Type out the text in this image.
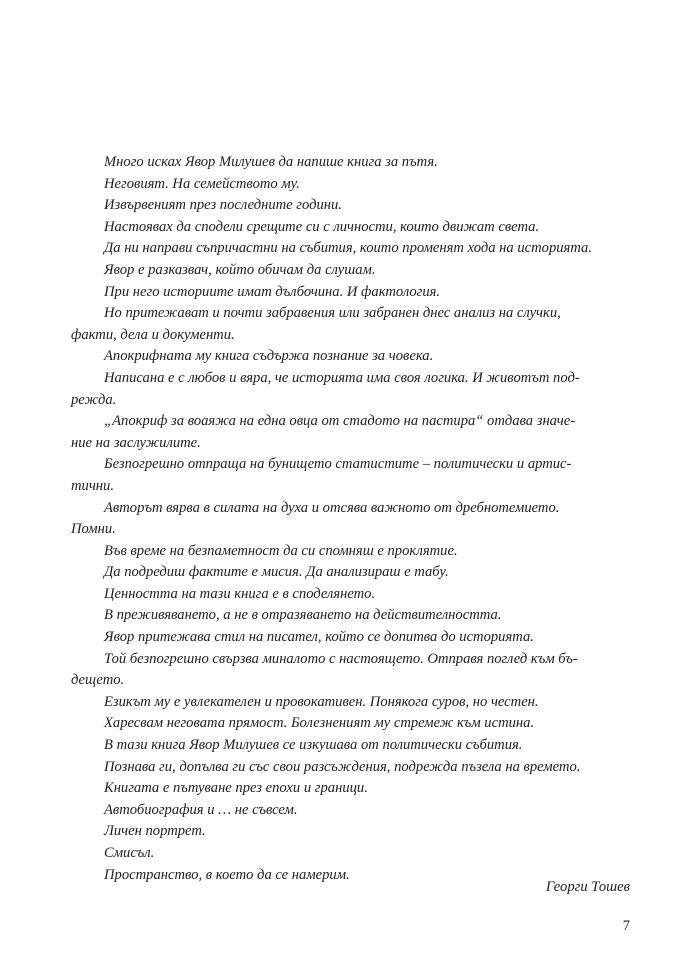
Много исках Явор Милушев да напише книга за пътя.

Неговият. На семейството му.

Извървеният през последните години.

Настоявах да сподели срещите си с личности, които движат света.

Да ни направи съпричастни на събития, които променят хода на историята.

Явор е разказвач, който обичам да слушам.

При него историите имат дълбочина. И фактология.

Но притежават и почти забравения или забранен днес анализ на случки,
факти, дела и документи.

Апокрифната му книга съдържа познание за човека.

Написана е с любов и вяра, че историята има своя логика. И животът под-
режда.

„Апокриф за воаяжа на една овца от стадото на пастира“ отдава значе-
ние на заслужилите.

Безпогрешно отпраща на бунището статистите – политически и артис-
тични.

Авторът вярва в силата на духа и отсява важното от дребнотемието.
Помни.

Във време на безпаметност да си спомняш е проклятие.

Да подредиш фактите е мисия. Да анализираш е табу.

Ценността на тази книга е в споделянето.

В преживяването, а не в отразяването на действителността.

Явор притежава стил на писател, който се допитва до историята.

Той безпогрешно свързва миналото с настоящето. Отправя поглед към бъ-
дещето.

Езикът му е увлекателен и провокативен. Понякога суров, но честен.

Харесвам неговата прямост. Болезненият му стремеж към истина.

В тази книга Явор Милушев се изкушава от политически събития.

Познава ги, допълва ги със свои разсъждения, подрежда пъзела на времето.

Книгата е пътуване през епохи и граници.

Автобиография и … не съвсем.

Личен портрет.

Смисъл.

Пространство, в което да се намерим.

Георги Тошев
7
